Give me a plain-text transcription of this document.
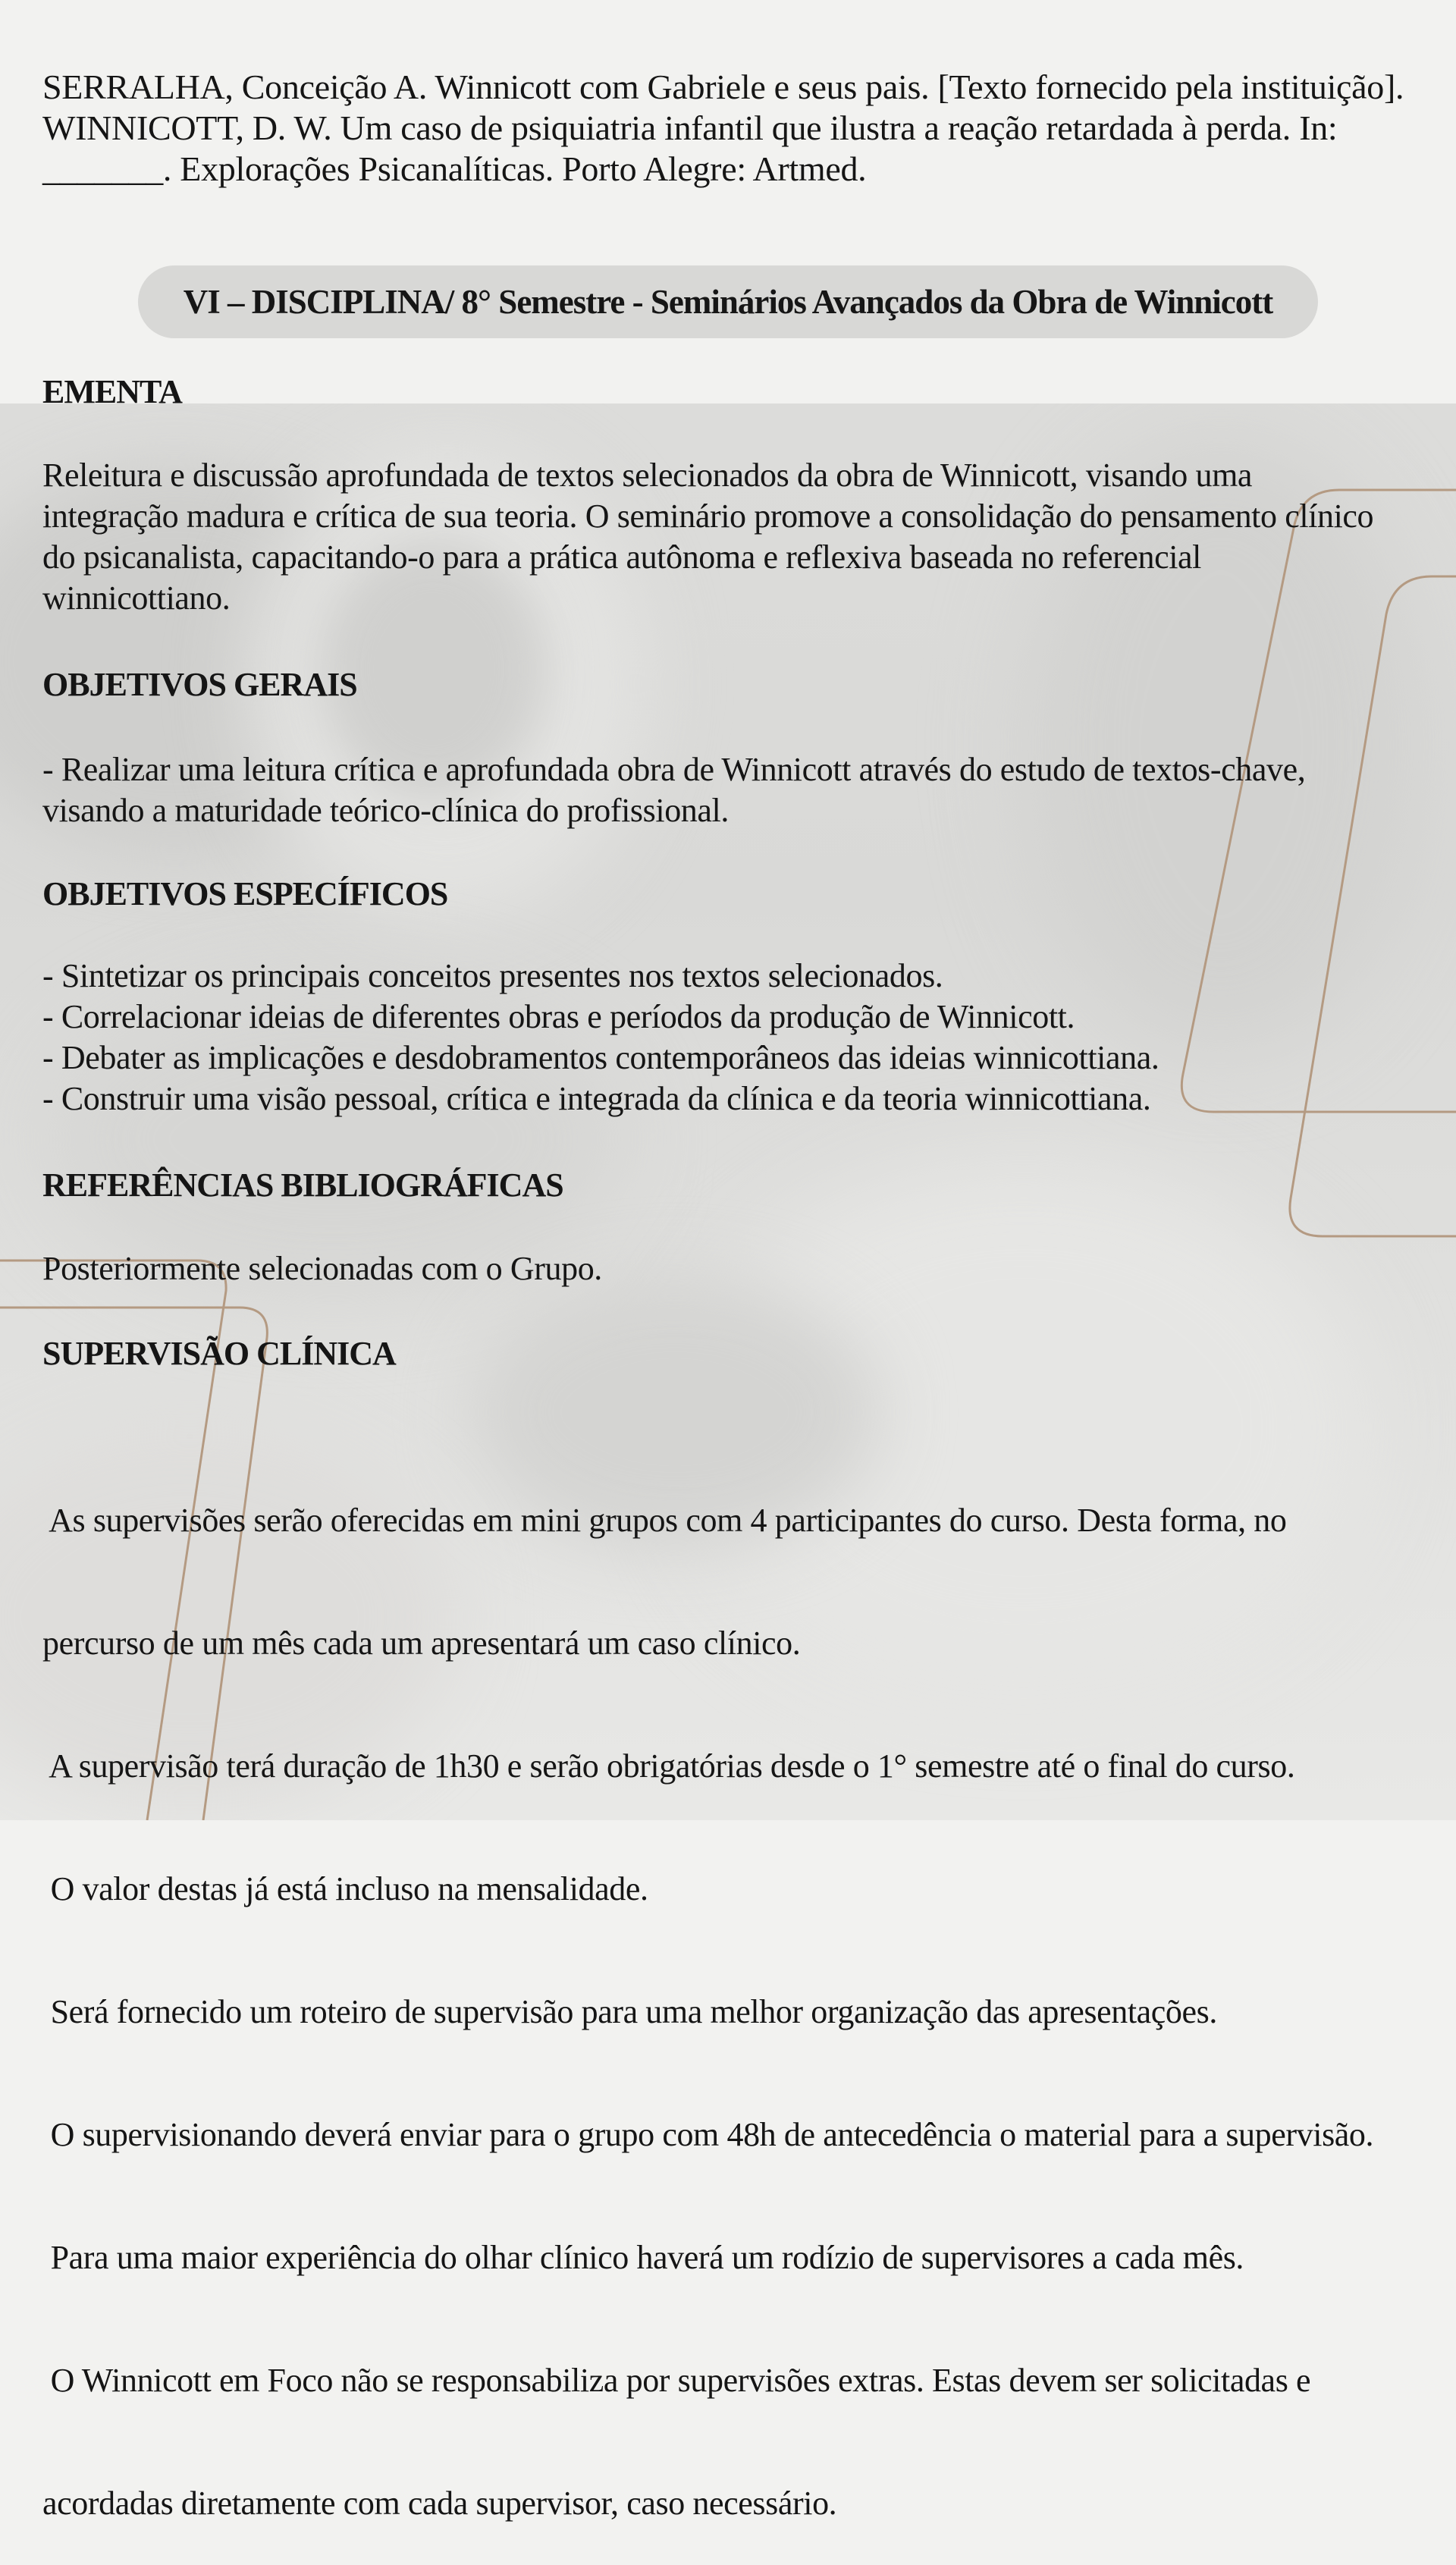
SERRALHA, Conceição A. Winnicott com Gabriele e seus pais. [Texto fornecido pela instituição].

WINNICOTT, D. W. Um caso de psiquiatria infantil que ilustra a reação retardada à perda. In:

_______. Explorações Psicanalíticas. Porto Alegre: Artmed.

VI – DISCIPLINA/ 8° Semestre - Seminários Avançados da Obra de Winnicott
EMENTA

Releitura e discussão aprofundada de textos selecionados da obra de Winnicott, visando uma

integração madura e crítica de sua teoria. O seminário promove a consolidação do pensamento clínico

do psicanalista, capacitando-o para a prática autônoma e reflexiva baseada no referencial

winnicottiano.

OBJETIVOS GERAIS

- Realizar uma leitura crítica e aprofundada obra de Winnicott através do estudo de textos-chave,

visando a maturidade teórico-clínica do profissional.

OBJETIVOS ESPECÍFICOS

- Sintetizar os principais conceitos presentes nos textos selecionados.

- Correlacionar ideias de diferentes obras e períodos da produção de Winnicott.

- Debater as implicações e desdobramentos contemporâneos das ideias winnicottiana.

- Construir uma visão pessoal, crítica e integrada da clínica e da teoria winnicottiana.

REFERÊNCIAS BIBLIOGRÁFICAS

Posteriormente selecionadas com o Grupo.

SUPERVISÃO CLÍNICA

As supervisões serão oferecidas em mini grupos com 4 participantes do curso. Desta forma, no

percurso de um mês cada um apresentará um caso clínico.

A supervisão terá duração de 1h30 e serão obrigatórias desde o 1° semestre até o final do curso.

O valor destas já está incluso na mensalidade.

Será fornecido um roteiro de supervisão para uma melhor organização das apresentações.

O supervisionando deverá enviar para o grupo com 48h de antecedência o material para a supervisão.

Para uma maior experiência do olhar clínico haverá um rodízio de supervisores a cada mês.

O Winnicott em Foco não se responsabiliza por supervisões extras. Estas devem ser solicitadas e

acordadas diretamente com cada supervisor, caso necessário.
